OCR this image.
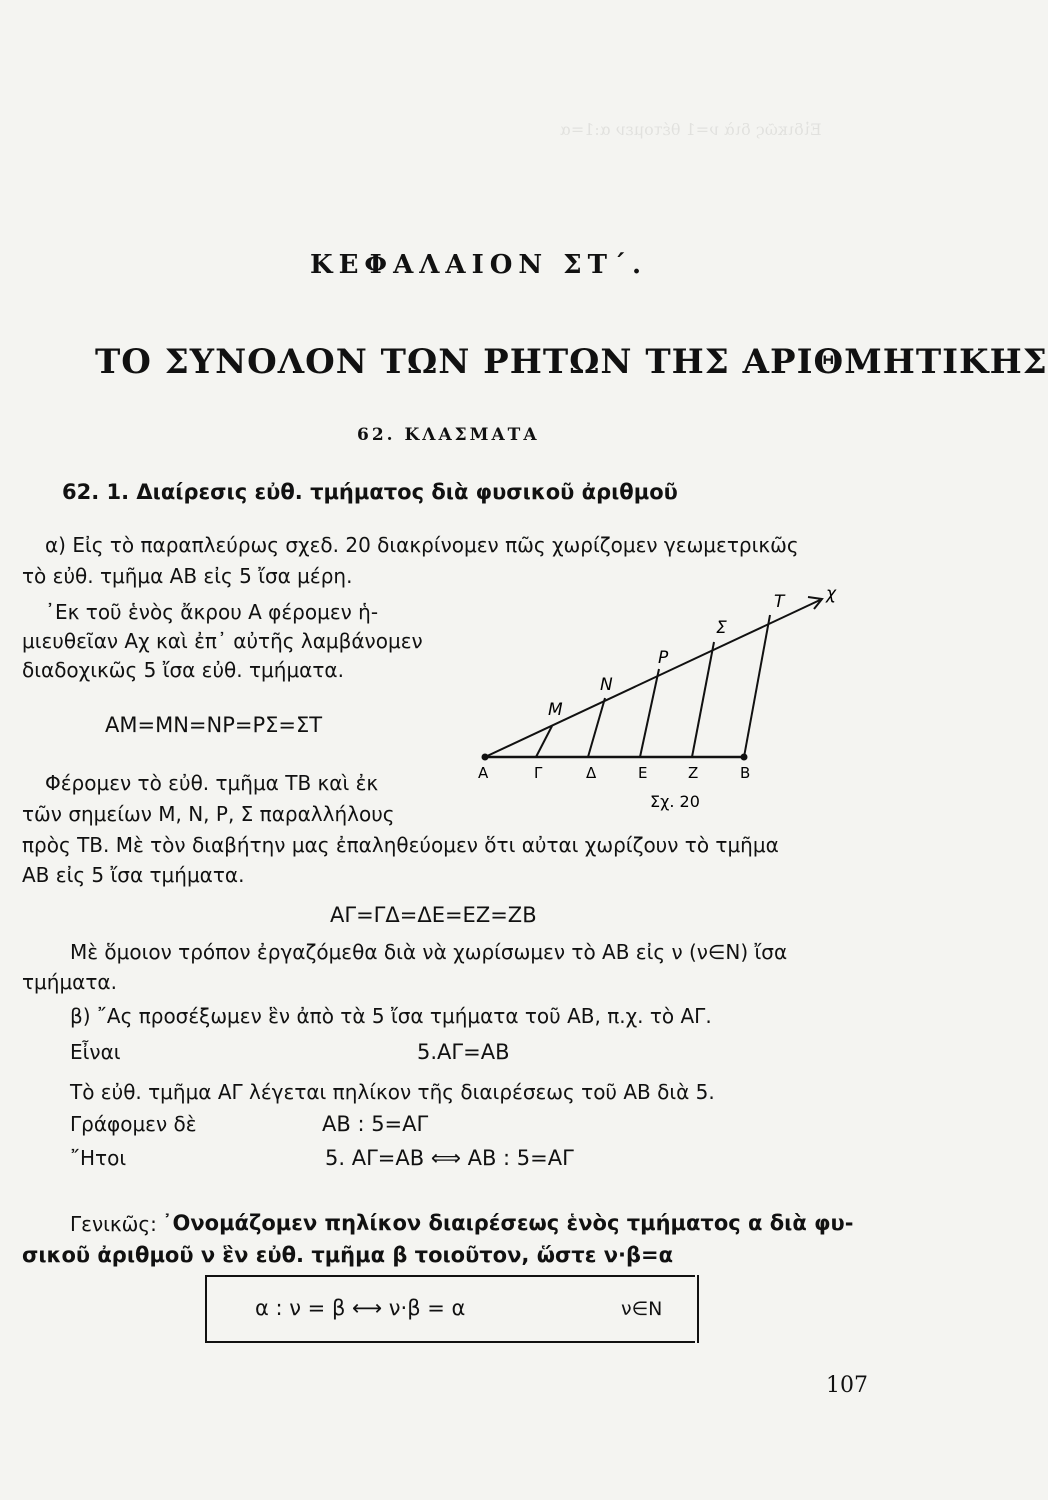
Εἰδικῶς διὰ ν=1 θέτομεν α:1=α
ΚΕΦΑΛΑΙΟΝ ΣΤ΄.
ΤΟ ΣΥΝΟΛΟΝ ΤΩΝ ΡΗΤΩΝ ΤΗΣ ΑΡΙΘΜΗΤΙΚΗΣ
62. ΚΛΑΣΜΑΤΑ
62. 1. Διαίρεσις εὐθ. τμήματος διὰ φυσικοῦ ἀριθμοῦ
α) Εἰς τὸ παραπλεύρως σχεδ. 20 διακρίνομεν πῶς χωρίζομεν γεωμετρικῶς
τὸ εὐθ. τμῆμα ΑΒ εἰς 5 ἴσα μέρη.
᾿Εκ τοῦ ἑνὸς ἄκρου Α φέρομεν ἡ-
μιευθεῖαν Αχ καὶ ἐπ᾿ αὐτῆς λαμβάνομεν
διαδοχικῶς 5 ἴσα εὐθ. τμήματα.
ΑΜ=ΜΝ=ΝΡ=ΡΣ=ΣΤ
Φέρομεν τὸ εὐθ. τμῆμα ΤΒ καὶ ἐκ
τῶν σημείων Μ, Ν, Ρ, Σ παραλλήλους
πρὸς ΤΒ. Μὲ τὸν διαβήτην μας ἐπαληθεύομεν ὅτι αὐται χωρίζουν τὸ τμῆμα
ΑΒ εἰς 5 ἴσα τμήματα.
ΑΓ=ΓΔ=ΔΕ=ΕΖ=ΖΒ
Μὲ ὅμοιον τρόπον ἐργαζόμεθα διὰ νὰ χωρίσωμεν τὸ ΑΒ εἰς ν (ν∈Ν) ἴσα
τμήματα.
β) ῎Ας προσέξωμεν ἓν ἀπὸ τὰ 5 ἴσα τμήματα τοῦ ΑΒ, π.χ. τὸ ΑΓ.
Εἶναι	5.ΑΓ=ΑΒ
Τὸ εὐθ. τμῆμα ΑΓ λέγεται πηλίκον τῆς διαιρέσεως τοῦ ΑΒ διὰ 5.
Γράφομεν δὲ	ΑΒ : 5=ΑΓ
῎Ητοι	5. ΑΓ=ΑΒ ⟺ ΑΒ : 5=ΑΓ
Γενικῶς: ᾿Ονομάζομεν πηλίκον διαιρέσεως ἑνὸς τμήματος α διὰ φυ-
σικοῦ ἀριθμοῦ ν ἓν εὐθ. τμῆμα β τοιοῦτον, ὥστε ν·β=α
α : ν = β ⟷ ν·β = α	ν∈Ν
Α	Γ	Δ	Ε	Ζ	Β
Μ
Ν
Ρ
Σ
Τ χ
Σχ. 20
107
